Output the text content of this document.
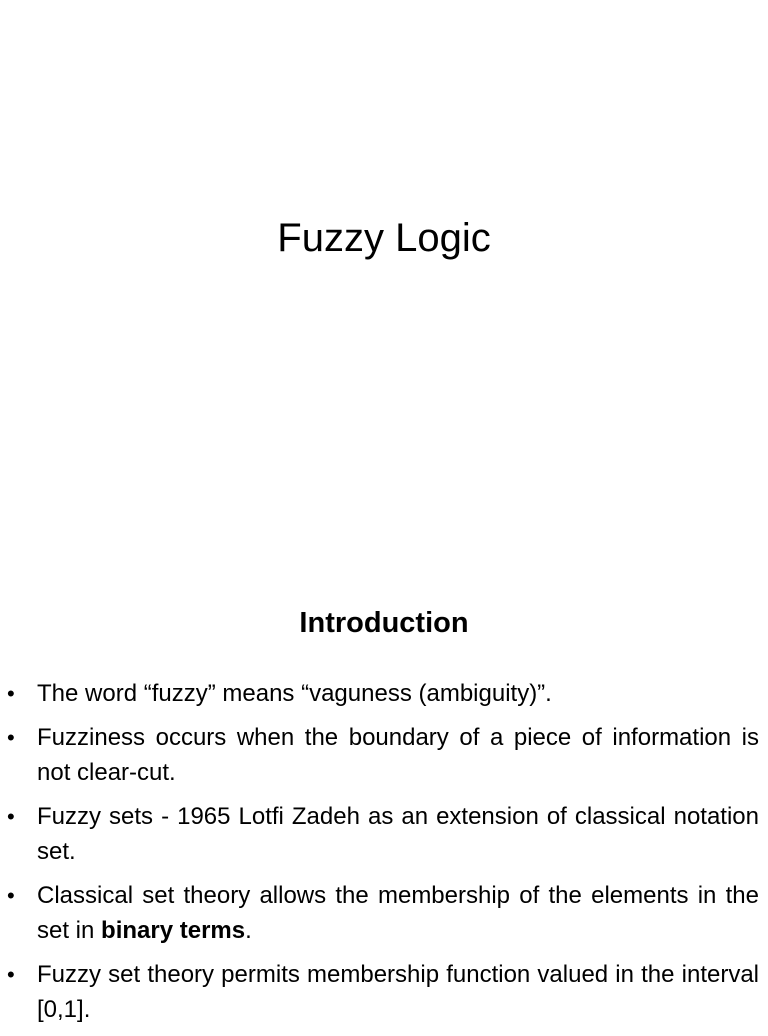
Fuzzy Logic
Introduction
• The word “fuzzy” means “vaguness (ambiguity)”.
• Fuzziness occurs when the boundary of a piece of information is not clear-cut.
• Fuzzy sets - 1965 Lotfi Zadeh as an extension of classical notation set.
• Classical set theory allows the membership of the elements in the set in binary terms.
• Fuzzy set theory permits membership function valued in the interval [0,1].
